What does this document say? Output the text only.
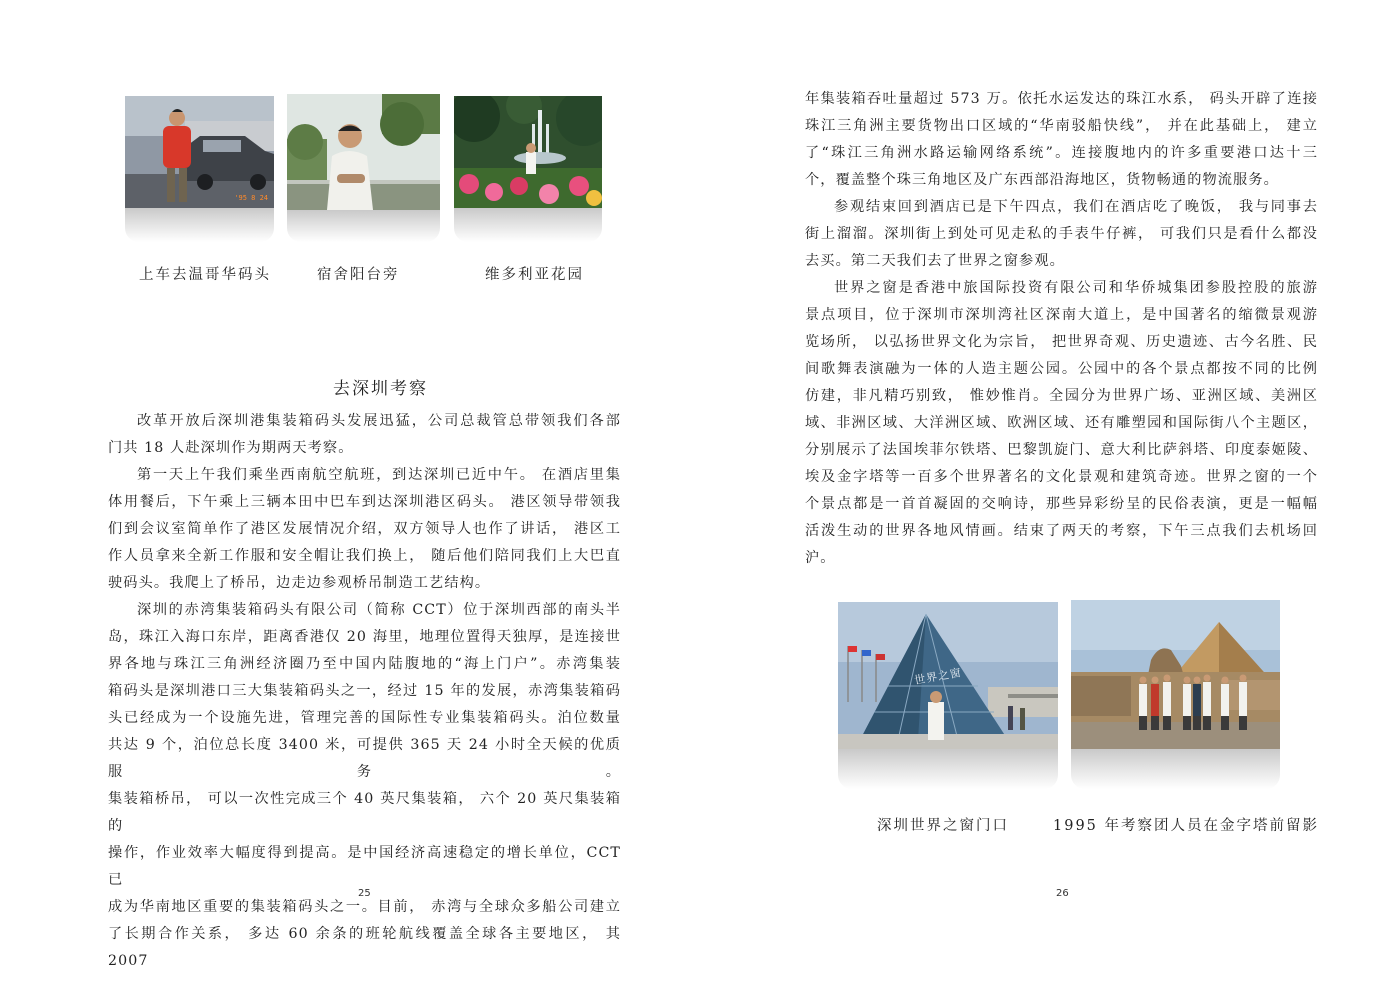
'95 8 24
上车去温哥华码头	宿舍阳台旁	维多利亚花园
去深圳考察

改革开放后深圳港集装箱码头发展迅猛，公司总裁管总带领我们各部

门共 18 人赴深圳作为期两天考察。

第一天上午我们乘坐西南航空航班，到达深圳已近中午。 在酒店里集

体用餐后，下午乘上三辆本田中巴车到达深圳港区码头。 港区领导带领我

们到会议室简单作了港区发展情况介绍，双方领导人也作了讲话， 港区工

作人员拿来全新工作服和安全帽让我们换上， 随后他们陪同我们上大巴直

驶码头。我爬上了桥吊，边走边参观桥吊制造工艺结构。

深圳的赤湾集装箱码头有限公司（简称 CCT）位于深圳西部的南头半

岛，珠江入海口东岸，距离香港仅 20 海里，地理位置得天独厚，是连接世

界各地与珠江三角洲经济圈乃至中国内陆腹地的“海上门户”。赤湾集装

箱码头是深圳港口三大集装箱码头之一，经过 15 年的发展，赤湾集装箱码

头已经成为一个设施先进，管理完善的国际性专业集装箱码头。泊位数量

共达 9 个，泊位总长度 3400 米，可提供 365 天 24 小时全天候的优质服务。

集装箱桥吊， 可以一次性完成三个 40 英尺集装箱， 六个 20 英尺集装箱的

操作，作业效率大幅度得到提高。是中国经济高速稳定的增长单位，CCT 已

成为华南地区重要的集装箱码头之一。目前， 赤湾与全球众多船公司建立

了长期合作关系， 多达 60 余条的班轮航线覆盖全球各主要地区， 其 2007

25

年集装箱吞吐量超过 573 万。依托水运发达的珠江水系， 码头开辟了连接

珠江三角洲主要货物出口区域的“华南驳船快线”， 并在此基础上， 建立

了“珠江三角洲水路运输网络系统”。连接腹地内的许多重要港口达十三

个，覆盖整个珠三角地区及广东西部沿海地区，货物畅通的物流服务。

参观结束回到酒店已是下午四点，我们在酒店吃了晚饭， 我与同事去

街上溜溜。深圳街上到处可见走私的手表牛仔裤， 可我们只是看什么都没

去买。第二天我们去了世界之窗参观。

世界之窗是香港中旅国际投资有限公司和华侨城集团参股控股的旅游

景点项目，位于深圳市深圳湾社区深南大道上，是中国著名的缩微景观游

览场所， 以弘扬世界文化为宗旨， 把世界奇观、历史遗迹、古今名胜、民

间歌舞表演融为一体的人造主题公园。公园中的各个景点都按不同的比例

仿建，非凡精巧别致， 惟妙惟肖。全园分为世界广场、亚洲区域、美洲区

域、非洲区域、大洋洲区域、欧洲区域、还有雕塑园和国际街八个主题区，

分别展示了法国埃菲尔铁塔、巴黎凯旋门、意大利比萨斜塔、印度泰姬陵、

埃及金字塔等一百多个世界著名的文化景观和建筑奇迹。世界之窗的一个

个景点都是一首首凝固的交响诗，那些异彩纷呈的民俗表演，更是一幅幅

活泼生动的世界各地风情画。结束了两天的考察，下午三点我们去机场回

沪。

世界之窗
深圳世界之窗门口	1995 年考察团人员在金字塔前留影
26
